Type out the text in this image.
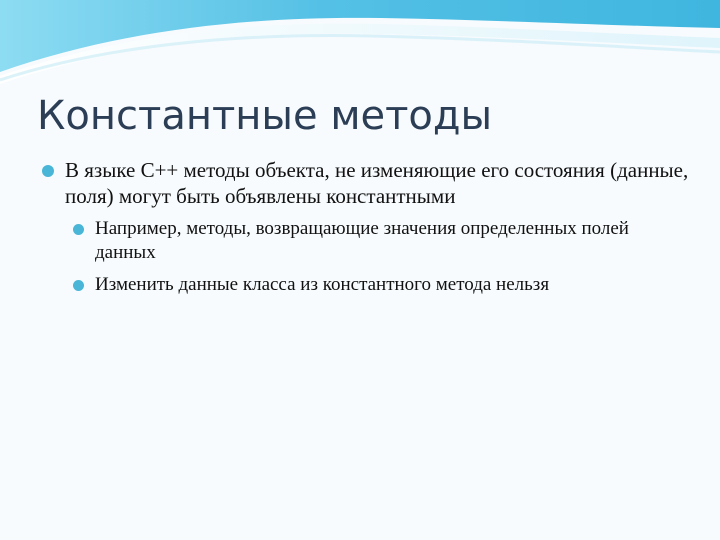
Константные методы
В языке C++ методы объекта, не изменяющие его состояния (данные, поля) могут быть объявлены константными
Например, методы, возвращающие значения определенных полей данных
Изменить данные класса из константного метода нельзя
